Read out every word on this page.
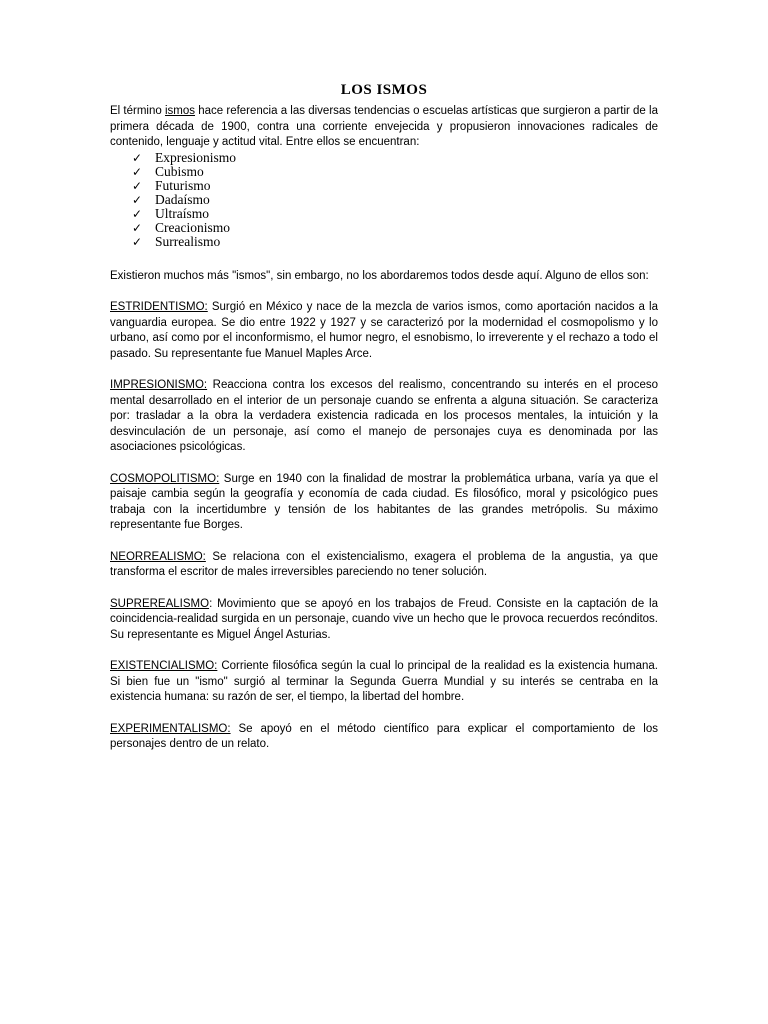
LOS ISMOS

El término ismos hace referencia a las diversas tendencias o escuelas artísticas que surgieron a partir de la primera década de 1900, contra una corriente envejecida y propusieron innovaciones radicales de contenido, lenguaje y actitud vital. Entre ellos se encuentran:

✓ Expresionismo
✓ Cubismo
✓ Futurismo
✓ Dadaísmo
✓ Ultraísmo
✓ Creacionismo
✓ Surrealismo

Existieron muchos más "ismos", sin embargo, no los abordaremos todos desde aquí. Alguno de ellos son:

ESTRIDENTISMO: Surgió en México y nace de la mezcla de varios ismos, como aportación nacidos a la vanguardia europea. Se dio entre 1922 y 1927 y se caracterizó por la modernidad el cosmopolismo y lo urbano, así como por el inconformismo, el humor negro, el esnobismo, lo irreverente y el rechazo a todo el pasado. Su representante fue Manuel Maples Arce.

IMPRESIONISMO: Reacciona contra los excesos del realismo, concentrando su interés en el proceso mental desarrollado en el interior de un personaje cuando se enfrenta a alguna situación. Se caracteriza por: trasladar a la obra la verdadera existencia radicada en los procesos mentales, la intuición y la desvinculación de un personaje, así como el manejo de personajes cuya es denominada por las asociaciones psicológicas.

COSMOPOLITISMO: Surge en 1940 con la finalidad de mostrar la problemática urbana, varía ya que el paisaje cambia según la geografía y economía de cada ciudad. Es filosófico, moral y psicológico pues trabaja con la incertidumbre y tensión de los habitantes de las grandes metrópolis. Su máximo representante fue Borges.

NEORREALISMO: Se relaciona con el existencialismo, exagera el problema de la angustia, ya que transforma el escritor de males irreversibles pareciendo no tener solución.

SUPREREALISMO: Movimiento que se apoyó en los trabajos de Freud. Consiste en la captación de la coincidencia-realidad surgida en un personaje, cuando vive un hecho que le provoca recuerdos recónditos. Su representante es Miguel Ángel Asturias.

EXISTENCIALISMO: Corriente filosófica según la cual lo principal de la realidad es la existencia humana. Si bien fue un "ismo" surgió al terminar la Segunda Guerra Mundial y su interés se centraba en la existencia humana: su razón de ser, el tiempo, la libertad del hombre.

EXPERIMENTALISMO: Se apoyó en el método científico para explicar el comportamiento de los personajes dentro de un relato.
